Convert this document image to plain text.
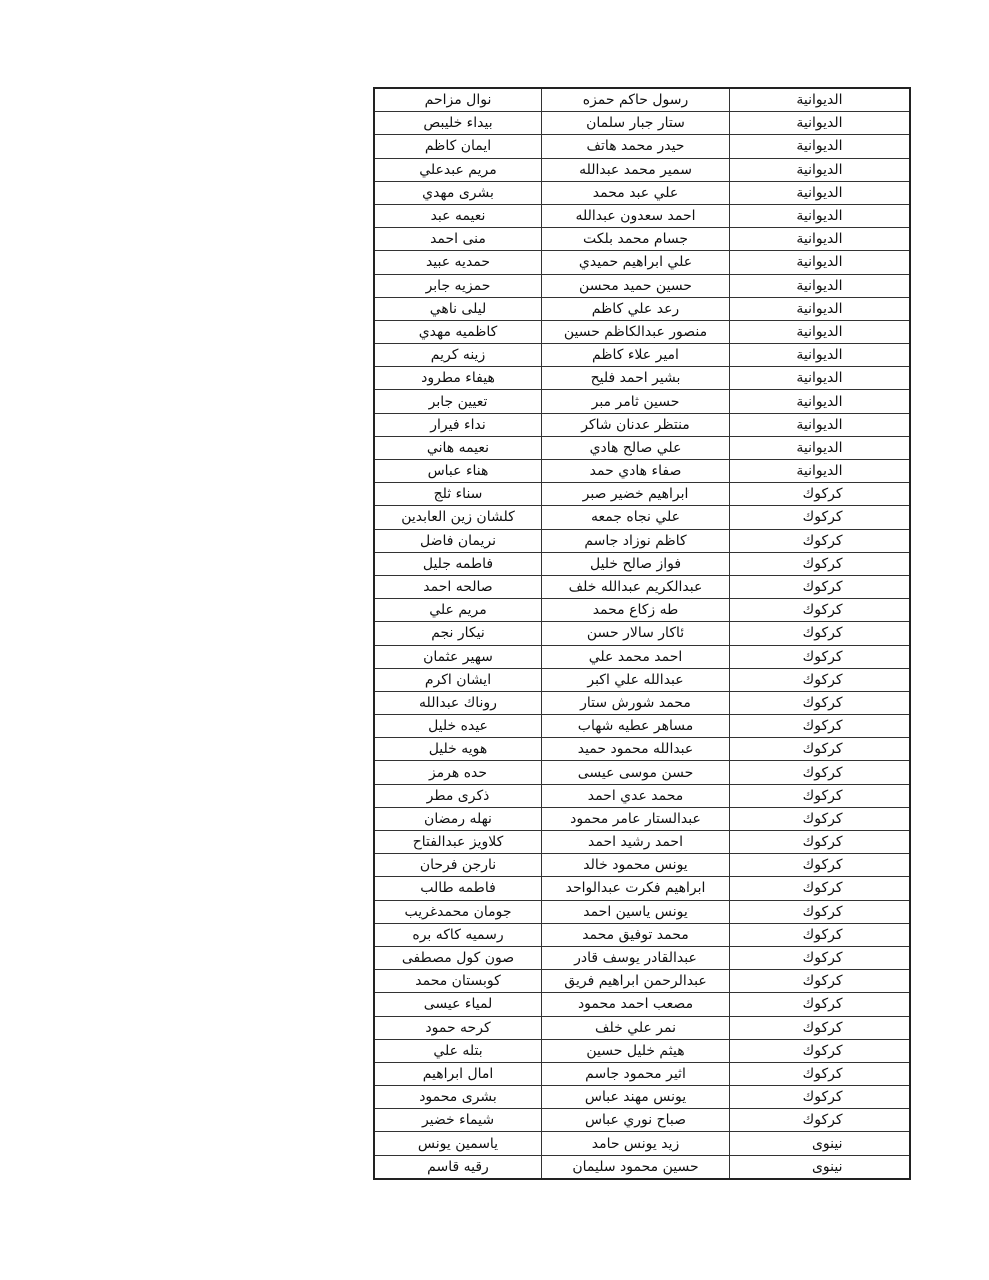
الديوانية	رسول حاكم حمزه	نوال مزاحم
الديوانية	ستار جبار سلمان	بيداء خليبص
الديوانية	حيدر محمد هاتف	ايمان كاظم
الديوانية	سمير محمد عبدالله	مريم عبدعلي
الديوانية	علي عبد محمد	بشرى مهدي
الديوانية	احمد سعدون عبدالله	نعيمه عبد
الديوانية	جسام محمد بلكت	منى احمد
الديوانية	علي ابراهيم حميدي	حمديه عبيد
الديوانية	حسين حميد محسن	حمزيه جابر
الديوانية	رعد علي كاظم	ليلى ناهي
الديوانية	منصور عبدالكاظم حسين	كاظميه مهدي
الديوانية	امير علاء كاظم	زينه كريم
الديوانية	بشير احمد فليح	هيفاء مطرود
الديوانية	حسين ثامر مبر	تعيين جابر
الديوانية	منتظر عدنان شاكر	نداء فيرار
الديوانية	علي صالح هادي	نعيمه هاني
الديوانية	صفاء هادي حمد	هناء عباس
كركوك	ابراهيم خضير صبر	سناء ثلج
كركوك	علي نجاه جمعه	كلشان زين العابدين
كركوك	كاظم نوزاد جاسم	نريمان فاضل
كركوك	فواز صالح خليل	فاطمه جليل
كركوك	عبدالكريم عبدالله خلف	صالحه احمد
كركوك	طه زكاع محمد	مريم علي
كركوك	ئاكار سالار حسن	نيكار نجم
كركوك	احمد محمد علي	سهير عثمان
كركوك	عبدالله علي اكبر	ايشان اكرم
كركوك	محمد شورش ستار	روناك عبدالله
كركوك	مساهر عطيه شهاب	عيده خليل
كركوك	عبدالله محمود حميد	هويه خليل
كركوك	حسن موسى عيسى	حده هرمز
كركوك	محمد عدي احمد	ذكرى مطر
كركوك	عبدالستار عامر محمود	نهله رمضان
كركوك	احمد رشيد احمد	كلاويز عبدالفتاح
كركوك	يونس محمود خالد	نارجن فرحان
كركوك	ابراهيم فكرت عبدالواحد	فاطمه طالب
كركوك	يونس ياسين احمد	جومان محمدغريب
كركوك	محمد توفيق محمد	رسميه كاكه بره
كركوك	عبدالقادر يوسف قادر	صون كول مصطفى
كركوك	عبدالرحمن ابراهيم فريق	كوبستان محمد
كركوك	مصعب احمد محمود	لمياء عيسى
كركوك	نمر علي خلف	كرحه حمود
كركوك	هيثم خليل حسين	بتله علي
كركوك	اثير محمود جاسم	امال ابراهيم
كركوك	يونس مهند عباس	بشرى محمود
كركوك	صباح نوري عباس	شيماء خضير
نينوى	زيد يونس حامد	ياسمين يونس
نينوى	حسين محمود سليمان	رقيه قاسم
